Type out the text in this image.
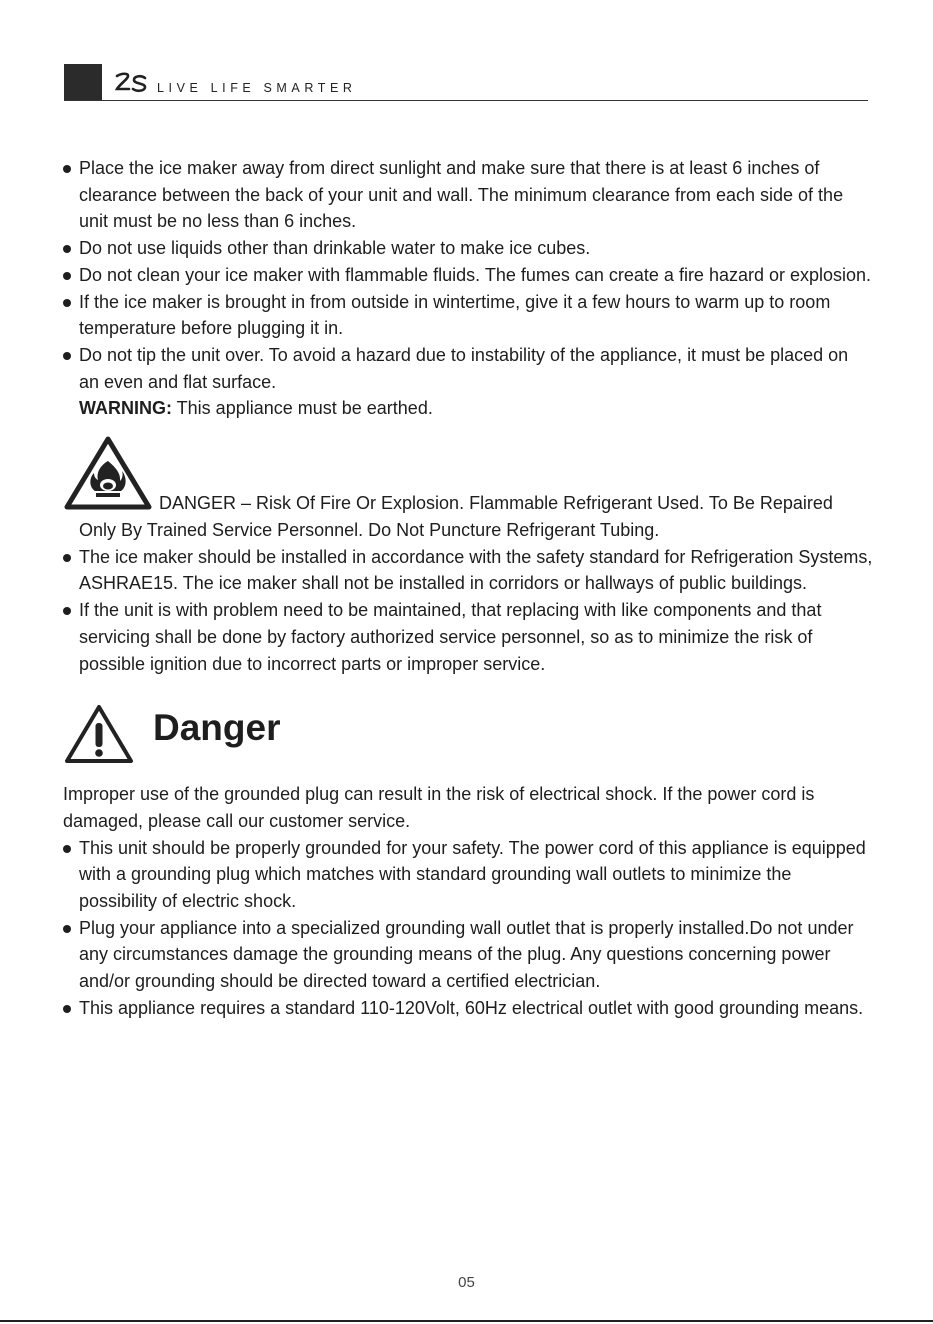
LIVE LIFE SMARTER
Place the ice maker away from direct sunlight and make sure that there is at least 6 inches of clearance between the back of your unit and wall. The minimum clearance from each side of the unit must be no less than 6 inches.
Do not use liquids other than drinkable water to make ice cubes.
Do not clean your ice maker with flammable fluids. The fumes can create a fire hazard or explosion.
If the ice maker is brought in from outside in wintertime, give it a few hours to warm up to room temperature before plugging it in.
Do not tip the unit over. To avoid a hazard due to instability of the appliance, it must be placed on an even and flat surface.
WARNING: This appliance must be earthed.
DANGER – Risk Of Fire Or Explosion. Flammable Refrigerant Used. To Be Repaired
Only By Trained Service Personnel. Do Not Puncture Refrigerant Tubing.
The ice maker should be installed in accordance with the safety standard for Refrigeration Systems, ASHRAE15. The ice maker shall not be installed in corridors or hallways of public buildings.
If the unit is with problem need to be maintained, that replacing with like components and that servicing shall be done by factory authorized service personnel, so as to minimize the risk of possible ignition due to incorrect parts or improper service.
Danger
Improper use of the grounded plug can result in the risk of electrical shock. If the power cord is damaged, please call our customer service.
This unit should be properly grounded for your safety. The power cord of this appliance is equipped with a grounding plug which matches with standard grounding wall outlets to minimize the possibility of electric shock.
Plug your appliance into a specialized grounding wall outlet that is properly installed.Do not under any circumstances damage the grounding means of the plug. Any questions concerning power and/or grounding should be directed toward a certified electrician.
This appliance requires a standard 110-120Volt, 60Hz electrical outlet with good grounding means.
05
